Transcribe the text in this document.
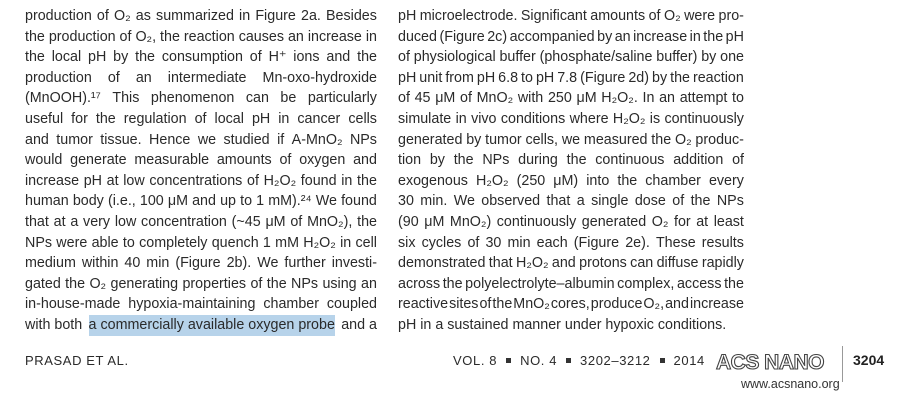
production of O₂ as summarized in Figure 2a. Besides
the production of O₂, the reaction causes an increase in
the local pH by the consumption of H⁺ ions and the
production of an intermediate Mn-oxo-hydroxide
(MnOOH).¹⁷ This phenomenon can be particularly
useful for the regulation of local pH in cancer cells
and tumor tissue. Hence we studied if A-MnO₂ NPs
would generate measurable amounts of oxygen and
increase pH at low concentrations of H₂O₂ found in the
human body (i.e., 100 μM and up to 1 mM).²⁴ We found
that at a very low concentration (~45 μM of MnO₂), the
NPs were able to completely quench 1 mM H₂O₂ in cell
medium within 40 min (Figure 2b). We further investi-
gated the O₂ generating properties of the NPs using an
in-house-made hypoxia-maintaining chamber coupled
with both a commercially available oxygen probe and a
pH microelectrode. Significant amounts of O₂ were pro-
duced (Figure 2c) accompanied by an increase in the pH
of physiological buffer (phosphate/saline buffer) by one
pH unit from pH 6.8 to pH 7.8 (Figure 2d) by the reaction
of 45 μM of MnO₂ with 250 μM H₂O₂. In an attempt to
simulate in vivo conditions where H₂O₂ is continuously
generated by tumor cells, we measured the O₂ produc-
tion by the NPs during the continuous addition of
exogenous H₂O₂ (250 μM) into the chamber every
30 min. We observed that a single dose of the NPs
(90 μM MnO₂) continuously generated O₂ for at least
six cycles of 30 min each (Figure 2e). These results
demonstrated that H₂O₂ and protons can diffuse rapidly
across the polyelectrolyte–albumin complex, access the
reactive sites of the MnO₂ cores, produce O₂, and increase
pH in a sustained manner under hypoxic conditions.
PRASAD ET AL.	VOL. 8 NO. 4 3202–3212 2014 ACS NANO
www.acsnano.org
3204
